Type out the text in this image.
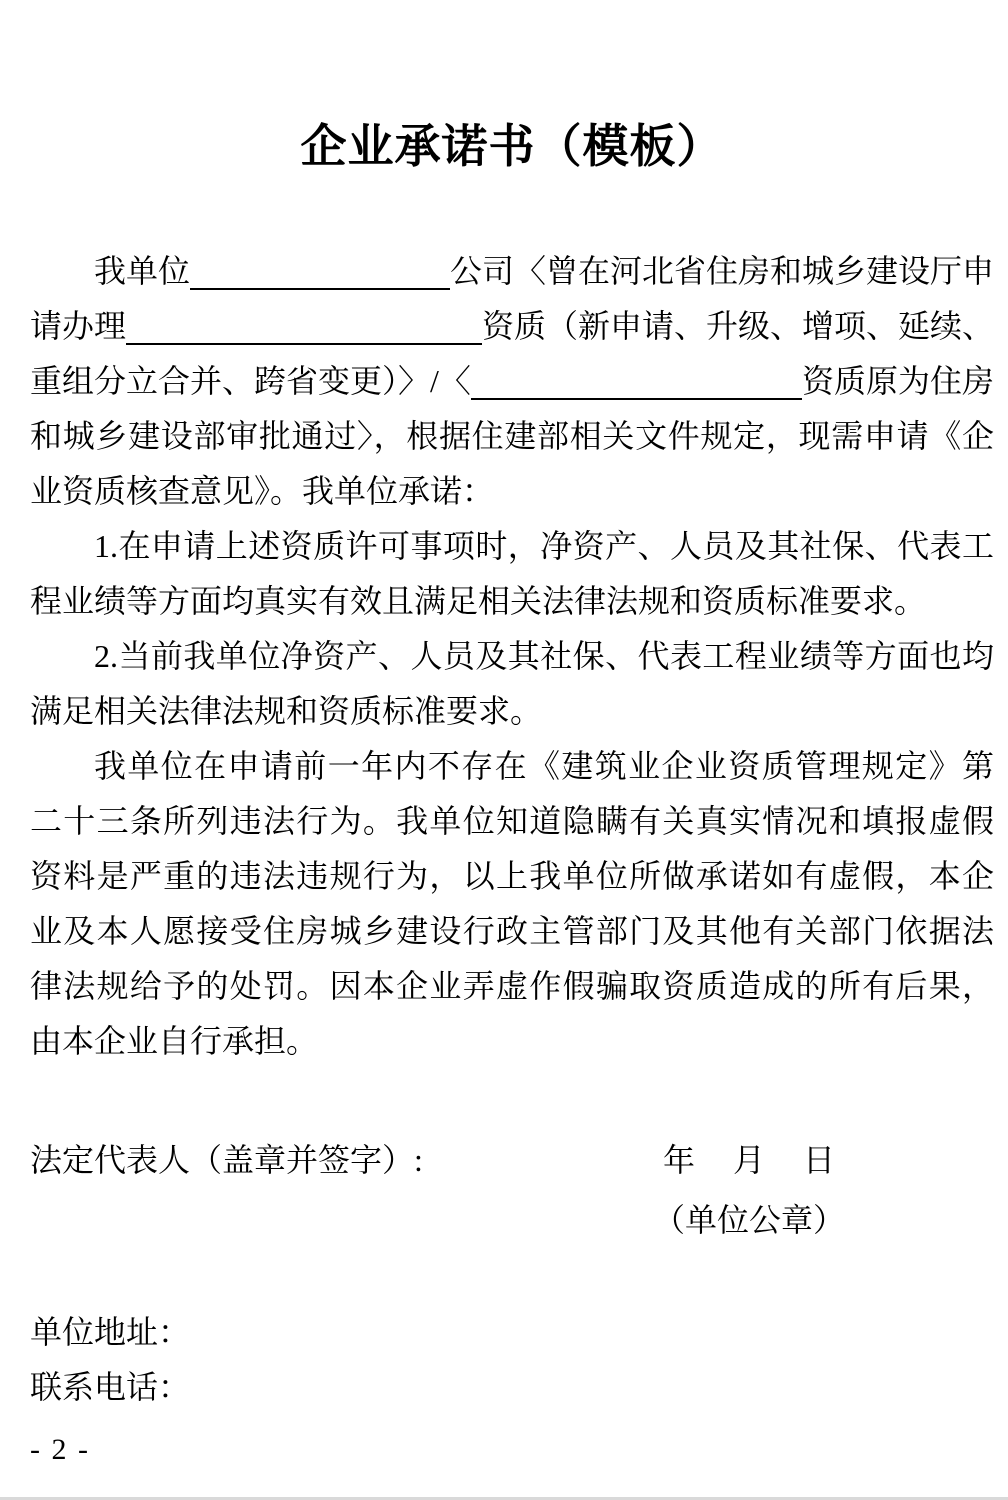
企业承诺书（模板）
我单位	公司〈曾在河北省住房和城乡建设厅申
请办理	资质（新申请、升级、增项、延续、
重组分立合并、跨省变更）〉/〈	资质原为住房
和城乡建设部审批通过〉，根据住建部相关文件规定，现需申请《企
业资质核查意见》。我单位承诺：
1.在申请上述资质许可事项时，净资产、人员及其社保、代表工
程业绩等方面均真实有效且满足相关法律法规和资质标准要求。
2.当前我单位净资产、人员及其社保、代表工程业绩等方面也均
满足相关法律法规和资质标准要求。
我单位在申请前一年内不存在《建筑业企业资质管理规定》第
二十三条所列违法行为。我单位知道隐瞒有关真实情况和填报虚假
资料是严重的违法违规行为，以上我单位所做承诺如有虚假，本企
业及本人愿接受住房城乡建设行政主管部门及其他有关部门依据法
律法规给予的处罚。因本企业弄虚作假骗取资质造成的所有后果，
由本企业自行承担。
法定代表人（盖章并签字）:	年 月 日
（单位公章）
单位地址：
联系电话：
- 2 -
